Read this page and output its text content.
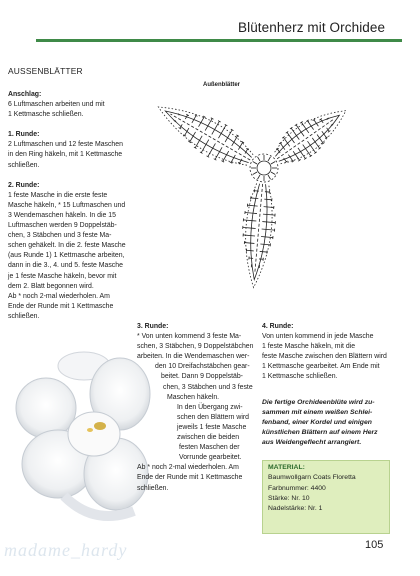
Blütenherz mit Orchidee
AUSSENBLÄTTER
Anschlag:

6 Luftmaschen arbeiten und mit

1 Kettmasche schließen.

1. Runde:

2 Luftmaschen und 12 feste Maschen

in den Ring häkeln, mit 1 Kettmasche

schließen.

2. Runde:

1 feste Masche in die erste feste

Masche häkeln, * 15 Luftmaschen und

3 Wendemaschen häkeln. In die 15

Luftmaschen werden 9 Doppelstäb-

chen, 3 Stäbchen und 3 feste Ma-

schen gehäkelt. In die 2. feste Masche

(aus Runde 1) 1 Kettmasche arbeiten,

dann in die 3., 4. und 5. feste Masche

je 1 feste Masche häkeln, bevor mit

dem 2. Blatt begonnen wird.

Ab * noch 2-mal wiederholen. Am

Ende der Runde mit 1 Kettmasche

schließen.

Außenblätter
3. Runde:

* Von unten kommend 3 feste Ma-

schen, 3 Stäbchen, 9 Doppelstäbchen

arbeiten. In die Wendemaschen wer-

den 10 Dreifachstäbchen gear-

beitet. Dann 9 Doppelstäb-

chen, 3 Stäbchen und 3 feste

Maschen häkeln.

In den Übergang zwi-

schen den Blättern wird

jeweils 1 feste Masche

zwischen die beiden

festen Maschen der

Vorrunde gearbeitet.

Ab * noch 2-mal wiederholen. Am

Ende der Runde mit 1 Kettmasche

schließen.

4. Runde:

Von unten kommend in jede Masche

1 feste Masche häkeln, mit die

feste Masche zwischen den Blättern wird

1 Kettmasche gearbeitet. Am Ende mit

1 Kettmasche schließen.

Die fertige Orchideenblüte wird zu-
sammen mit einem weißen Schlei-
fenband, einer Kordel und einigen
künstlichen Blättern auf einem Herz
aus Weidengeflecht arrangiert.
MATERIAL:
Baumwollgarn Coats Floretta
Farbnummer: 4400
Stärke: Nr. 10
Nadelstärke: Nr. 1
madame_hardy	105
